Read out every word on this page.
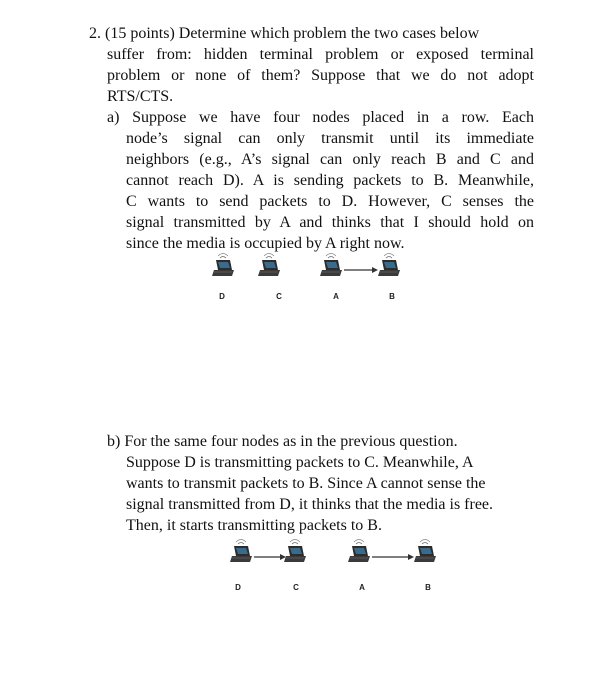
2. (15 points) Determine which problem the two cases below
suffer from: hidden terminal problem or exposed terminal
problem or none of them? Suppose that we do not adopt
RTS/CTS.
a) Suppose we have four nodes placed in a row. Each
node’s signal can only transmit until its immediate
neighbors (e.g., A’s signal can only reach B and C and
cannot reach D). A is sending packets to B. Meanwhile,
C wants to send packets to D. However, C senses the
signal transmitted by A and thinks that I should hold on
since the media is occupied by A right now.
b) For the same four nodes as in the previous question.
Suppose D is transmitting packets to C. Meanwhile, A
wants to transmit packets to B. Since A cannot sense the
signal transmitted from D, it thinks that the media is free.
Then, it starts transmitting packets to B.
D	C	A	B
D	C	A	B
